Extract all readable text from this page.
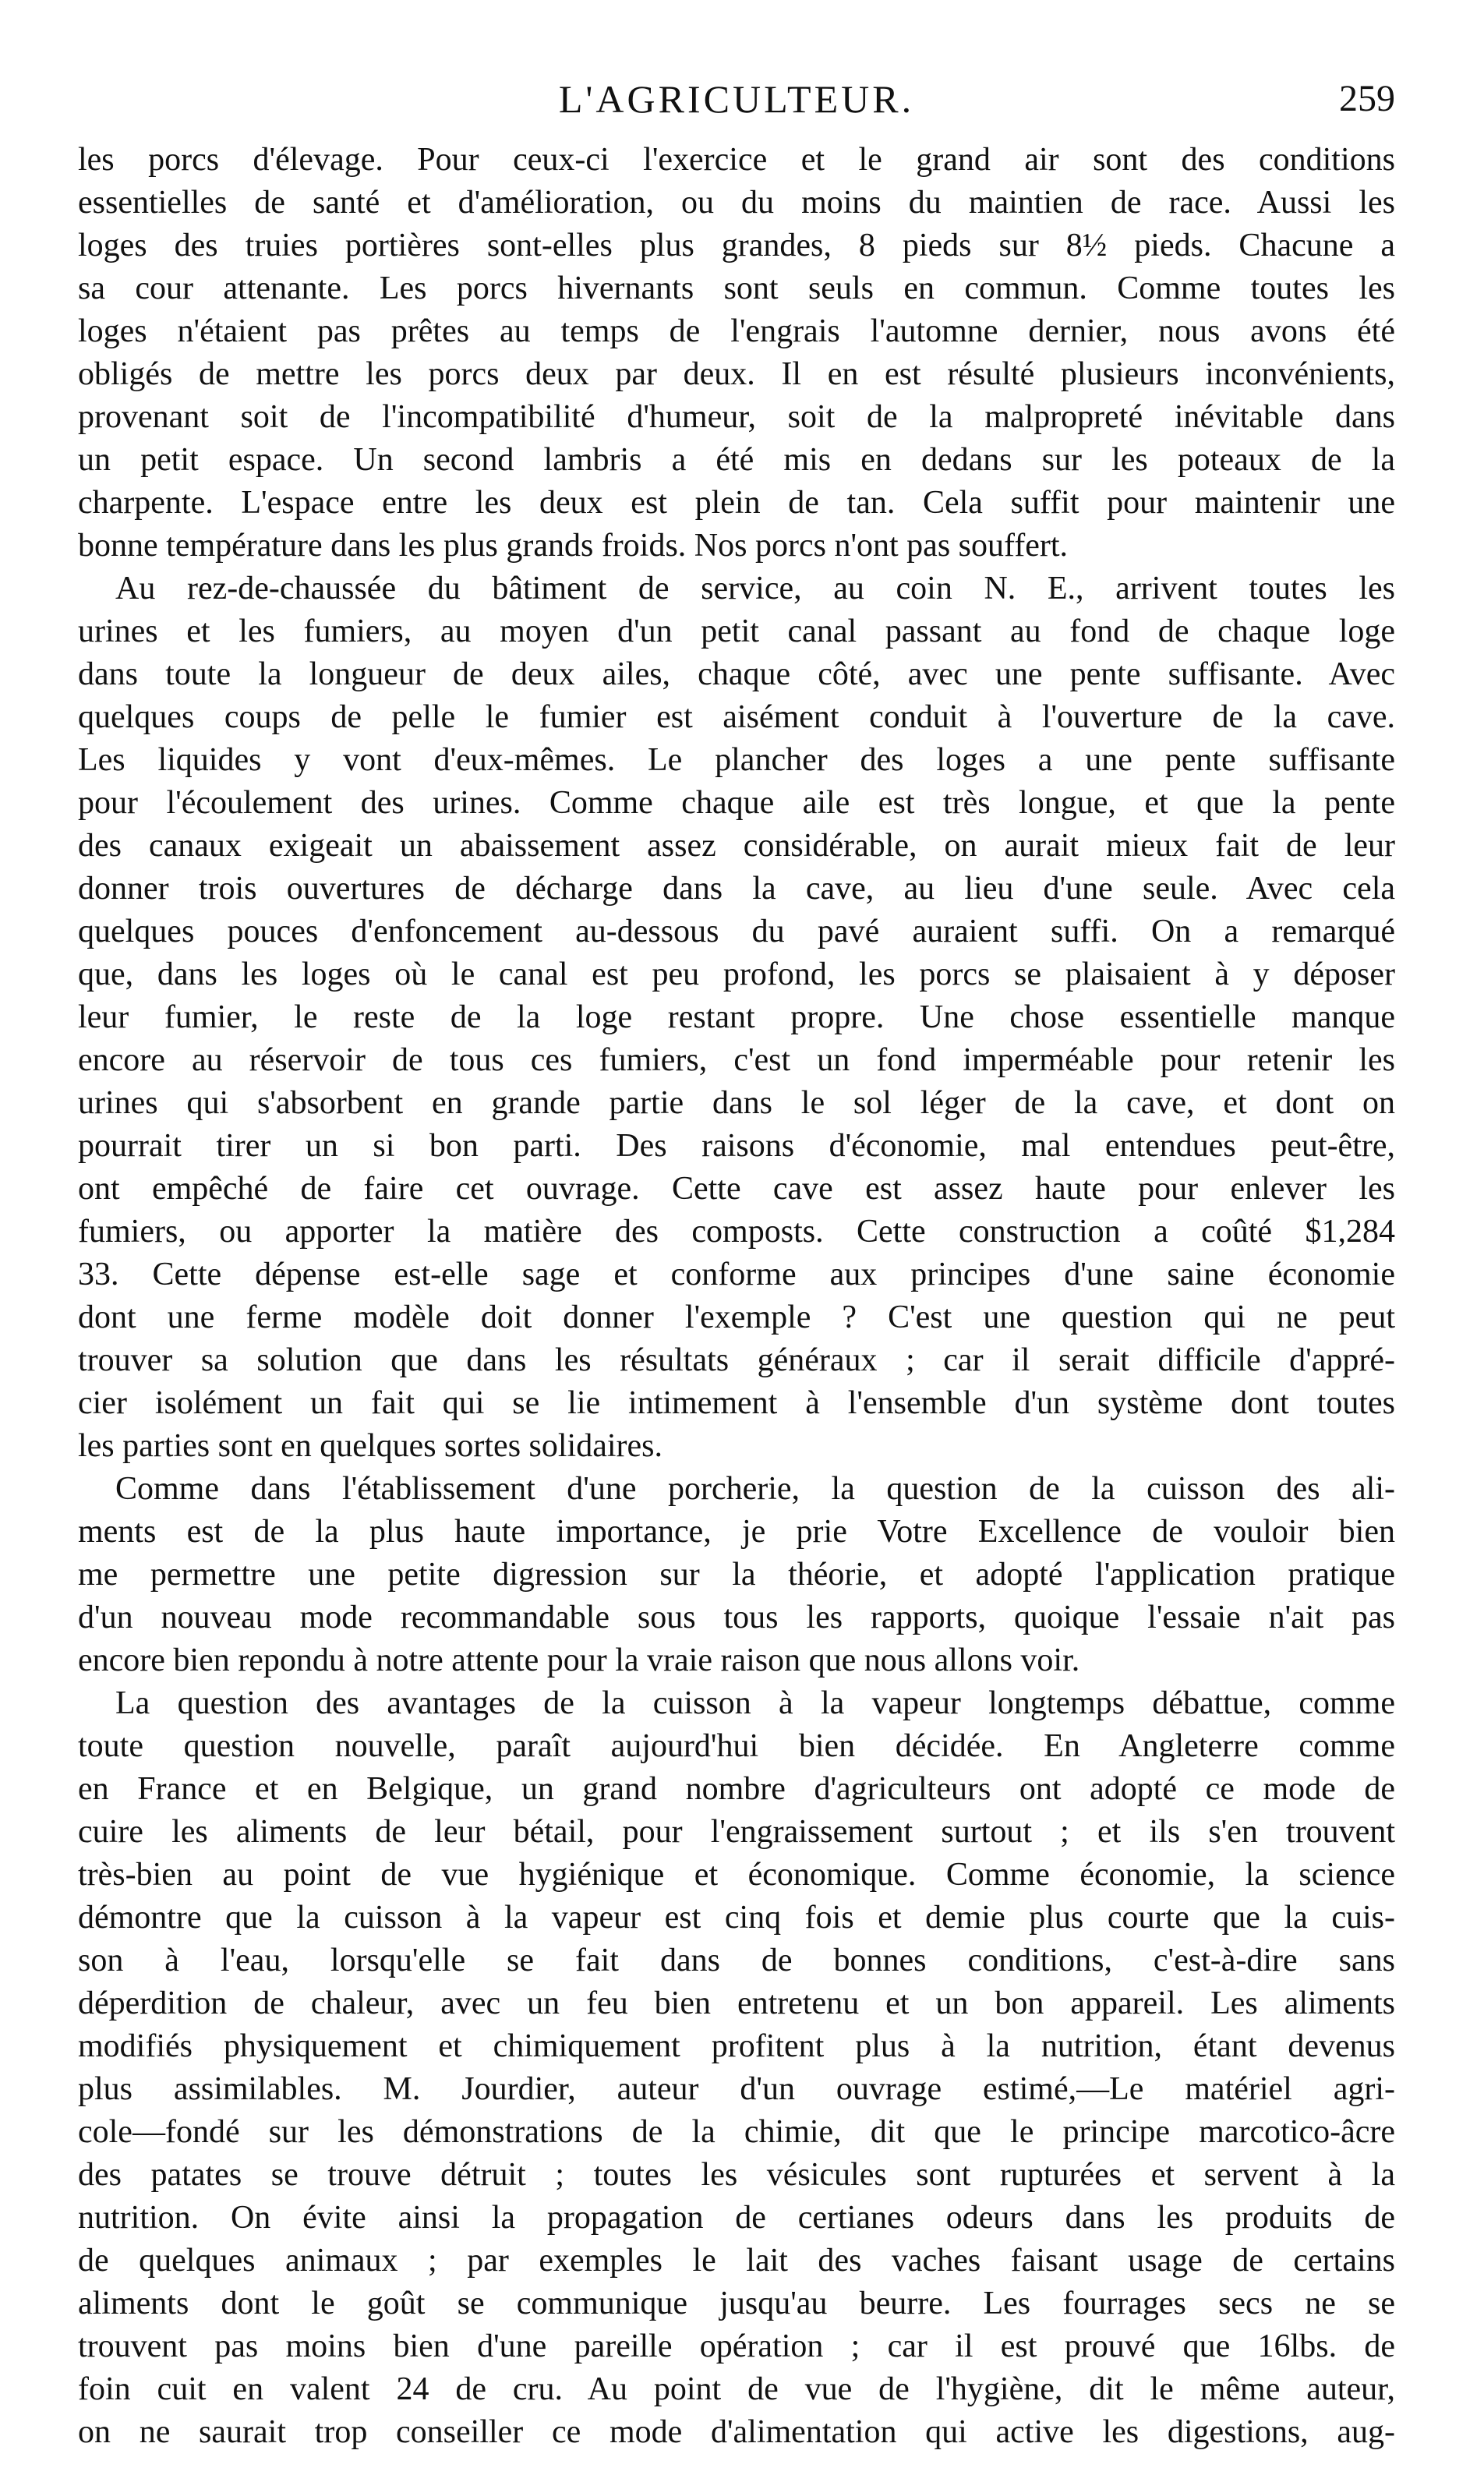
L'AGRICULTEUR.	259
les porcs d'élevage. Pour ceux-ci l'exercice et le grand air sont des conditions
essentielles de santé et d'amélioration, ou du moins du maintien de race. Aussi les
loges des truies portières sont-elles plus grandes, 8 pieds sur 8½ pieds. Chacune a
sa cour attenante. Les porcs hivernants sont seuls en commun. Comme toutes les
loges n'étaient pas prêtes au temps de l'engrais l'automne dernier, nous avons été
obligés de mettre les porcs deux par deux. Il en est résulté plusieurs inconvénients,
provenant soit de l'incompatibilité d'humeur, soit de la malpropreté inévitable dans
un petit espace. Un second lambris a été mis en dedans sur les poteaux de la
charpente. L'espace entre les deux est plein de tan. Cela suffit pour maintenir une
bonne température dans les plus grands froids. Nos porcs n'ont pas souffert.
Au rez-de-chaussée du bâtiment de service, au coin N. E., arrivent toutes les
urines et les fumiers, au moyen d'un petit canal passant au fond de chaque loge
dans toute la longueur de deux ailes, chaque côté, avec une pente suffisante. Avec
quelques coups de pelle le fumier est aisément conduit à l'ouverture de la cave.
Les liquides y vont d'eux-mêmes. Le plancher des loges a une pente suffisante
pour l'écoulement des urines. Comme chaque aile est très longue, et que la pente
des canaux exigeait un abaissement assez considérable, on aurait mieux fait de leur
donner trois ouvertures de décharge dans la cave, au lieu d'une seule. Avec cela
quelques pouces d'enfoncement au-dessous du pavé auraient suffi. On a remarqué
que, dans les loges où le canal est peu profond, les porcs se plaisaient à y déposer
leur fumier, le reste de la loge restant propre. Une chose essentielle manque
encore au réservoir de tous ces fumiers, c'est un fond imperméable pour retenir les
urines qui s'absorbent en grande partie dans le sol léger de la cave, et dont on
pourrait tirer un si bon parti. Des raisons d'économie, mal entendues peut-être,
ont empêché de faire cet ouvrage. Cette cave est assez haute pour enlever les
fumiers, ou apporter la matière des composts. Cette construction a coûté $1,284
33. Cette dépense est-elle sage et conforme aux principes d'une saine économie
dont une ferme modèle doit donner l'exemple ? C'est une question qui ne peut
trouver sa solution que dans les résultats généraux ; car il serait difficile d'appré-
cier isolément un fait qui se lie intimement à l'ensemble d'un système dont toutes
les parties sont en quelques sortes solidaires.
Comme dans l'établissement d'une porcherie, la question de la cuisson des ali-
ments est de la plus haute importance, je prie Votre Excellence de vouloir bien
me permettre une petite digression sur la théorie, et adopté l'application pratique
d'un nouveau mode recommandable sous tous les rapports, quoique l'essaie n'ait pas
encore bien repondu à notre attente pour la vraie raison que nous allons voir.
La question des avantages de la cuisson à la vapeur longtemps débattue, comme
toute question nouvelle, paraît aujourd'hui bien décidée. En Angleterre comme
en France et en Belgique, un grand nombre d'agriculteurs ont adopté ce mode de
cuire les aliments de leur bétail, pour l'engraissement surtout ; et ils s'en trouvent
très-bien au point de vue hygiénique et économique. Comme économie, la science
démontre que la cuisson à la vapeur est cinq fois et demie plus courte que la cuis-
son à l'eau, lorsqu'elle se fait dans de bonnes conditions, c'est-à-dire sans
déperdition de chaleur, avec un feu bien entretenu et un bon appareil. Les aliments
modifiés physiquement et chimiquement profitent plus à la nutrition, étant devenus
plus assimilables. M. Jourdier, auteur d'un ouvrage estimé,—Le matériel agri-
cole—fondé sur les démonstrations de la chimie, dit que le principe marcotico-âcre
des patates se trouve détruit ; toutes les vésicules sont rupturées et servent à la
nutrition. On évite ainsi la propagation de certianes odeurs dans les produits de
de quelques animaux ; par exemples le lait des vaches faisant usage de certains
aliments dont le goût se communique jusqu'au beurre. Les fourrages secs ne se
trouvent pas moins bien d'une pareille opération ; car il est prouvé que 16lbs. de
foin cuit en valent 24 de cru. Au point de vue de l'hygiène, dit le même auteur,
on ne saurait trop conseiller ce mode d'alimentation qui active les digestions, aug-
